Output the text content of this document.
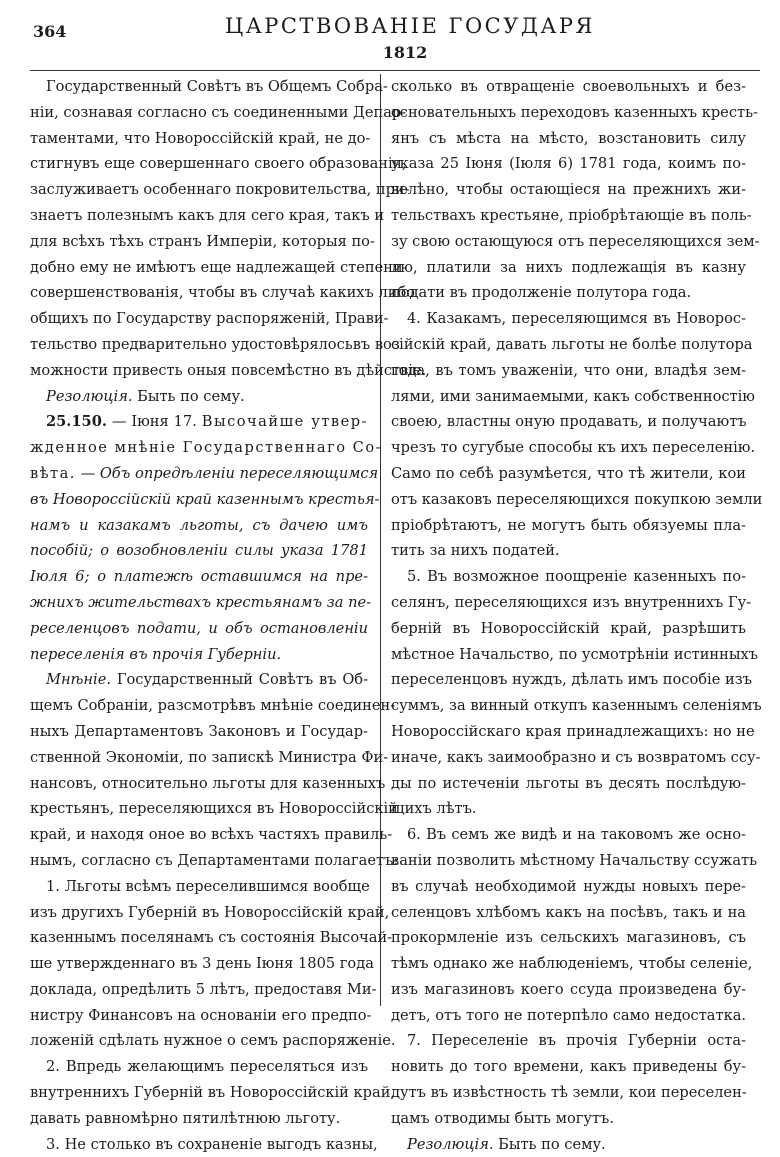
364	ЦАРСТВОВАНІЕ ГОСУДАРЯ
1812
Государственный Совѣтъ въ Общемъ Собра-
ніи, сознавая согласно съ соединенными Депар-
таментами, что Новороссійскій край, не до-
стигнувъ еще совершеннаго своего образованія,
заслуживаетъ особеннаго покровительства, при-
знаетъ полезнымъ какъ для сего края, такъ и
для всѣхъ тѣхъ странъ Имперіи, которыя по-
добно ему не имѣютъ еще надлежащей степени
совершенствованія, чтобы въ случаѣ какихъ либо
общихъ по Государству распоряженій, Прави-
тельство предварительно удостовѣрялосьвъ воз
можности привесть оныя повсемѣстно въ дѣйствіе.
Резолюція. Быть по сему.
25.150. — Іюня 17. Высочайше утвер-
жденное мнѣніе Государственнаго Со-
вѣта. — Объ опредѣленіи переселяющимся
въ Новороссійскій край казеннымъ крестья-
намъ и казакамъ льготы, съ дачею имъ
пособій; о возобновленіи силы указа 1781
Іюля 6; о платежѣ оставшимся на пре-
жнихъ жительствахъ крестьянамъ за пе-
реселенцовъ подати, и объ остановленіи
переселенія въ прочія Губерніи.
Мнѣніе. Государственный Совѣтъ въ Об-
щемъ Собраніи, разсмотрѣвъ мнѣніе соединен-
ныхъ Департаментовъ Законовъ и Государ-
ственной Экономіи, по запискѣ Министра Фи-
нансовъ, относительно льготы для казенныхъ
крестьянъ, переселяющихся въ Новороссійскій
край, и находя оное во всѣхъ частяхъ правиль-
нымъ, согласно съ Департаментами полагаетъ:
1. Льготы всѣмъ переселившимся вообще
изъ другихъ Губерній въ Новороссійскій край,
казеннымъ поселянамъ съ состоянія Высочай-
ше утвержденнаго въ 3 день Іюня 1805 года
доклада, опредѣлить 5 лѣтъ, предоставя Ми-
нистру Финансовъ на основаніи его предпо-
ложеній сдѣлать нужное о семъ распоряженіе.
2. Впредь желающимъ переселяться изъ
внутреннихъ Губерній въ Новороссійскій край,
давать равномѣрно пятилѣтнюю льготу.
3. Не столько въ сохраненіе выгодъ казны,
сколько въ отвращеніе своевольныхъ и без-
основательныхъ переходовъ казенныхъ кресть-
янъ съ мѣста на мѣсто, возстановить силу
указа 25 Іюня (Іюля 6) 1781 года, коимъ по-
велѣно, чтобы остающіеся на прежнихъ жи-
тельствахъ крестьяне, пріобрѣтающіе въ поль-
зу свою остающуюся отъ переселяющихся зем-
лю, платили за нихъ подлежащія въ казну
подати въ продолженіе полутора года.
4. Казакамъ, переселяющимся въ Новорос-
сійскій край, давать льготы не болѣе полутора
года, въ томъ уваженіи, что они, владѣя зем-
лями, ими занимаемыми, какъ собственностію
своею, властны оную продавать, и получаютъ
чрезъ то сугубые способы къ ихъ переселенію.
Само по себѣ разумѣется, что тѣ жители, кои
отъ казаковъ переселяющихся покупкою земли
пріобрѣтаютъ, не могутъ быть обязуемы пла-
тить за нихъ податей.
5. Въ возможное поощреніе казенныхъ по-
селянъ, переселяющихся изъ внутреннихъ Гу-
берній въ Новороссійскій край, разрѣшить
мѣстное Начальство, по усмотрѣніи истинныхъ
переселенцовъ нуждъ, дѣлать имъ пособіе изъ
суммъ, за винный откупъ казеннымъ селеніямъ
Новороссійскаго края принадлежащихъ: но не
иначе, какъ заимообразно и съ возвратомъ ссу-
ды по истеченіи льготы въ десять послѣдую-
щихъ лѣтъ.
6. Въ семъ же видѣ и на таковомъ же осно-
ваніи позволить мѣстному Начальству ссужать
въ случаѣ необходимой нужды новыхъ пере-
селенцовъ хлѣбомъ какъ на посѣвъ, такъ и на
прокормленіе изъ сельскихъ магазиновъ, съ
тѣмъ однако же наблюденіемъ, чтобы селеніе,
изъ магазиновъ коего ссуда произведена бу-
детъ, отъ того не потерпѣло само недостатка.
7. Переселеніе въ прочія Губерніи оста-
новить до того времени, какъ приведены бу-
дутъ въ извѣстность тѣ земли, кои переселен-
цамъ отводимы быть могутъ.
Резолюція. Быть по сему.
